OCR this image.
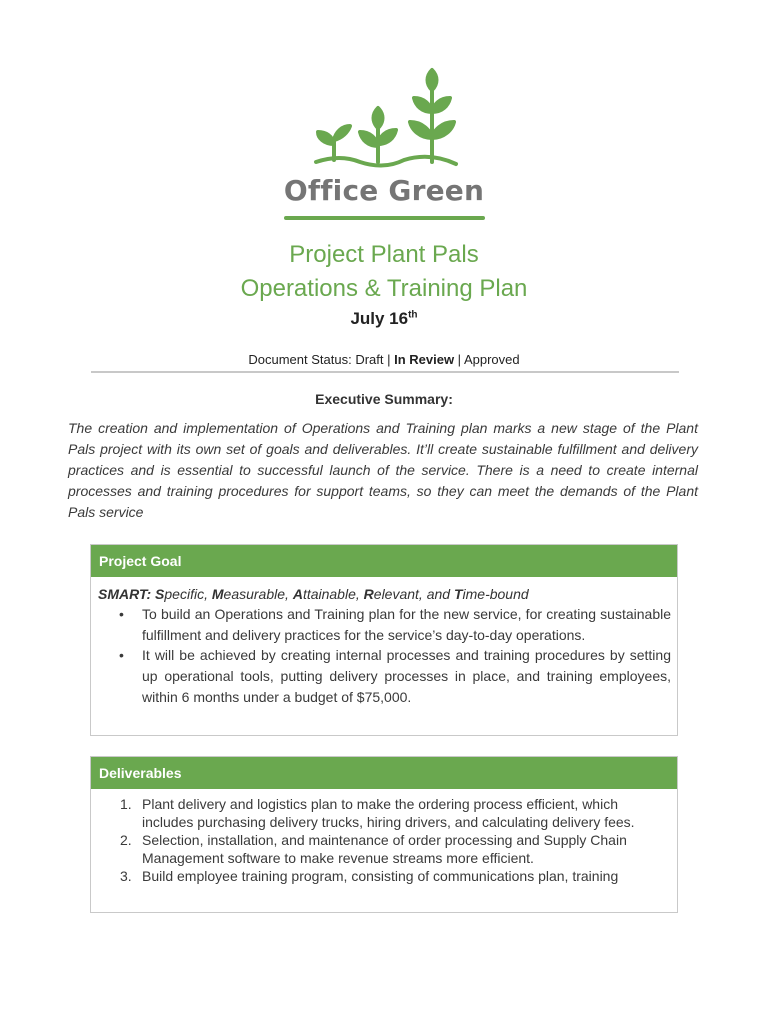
Office Green
Project Plant Pals
Operations & Training Plan
July 16th
Document Status: Draft | In Review | Approved
Executive Summary:
The creation and implementation of Operations and Training plan marks a new stage of the Plant Pals project with its own set of goals and deliverables. It’ll create sustainable fulfillment and delivery practices and is essential to successful launch of the service. There is a need to create internal processes and training procedures for support teams, so they can meet the demands of the Plant Pals service
Project Goal
SMART: Specific, Measurable, Attainable, Relevant, and Time-bound
• To build an Operations and Training plan for the new service, for creating sustainable fulfillment and delivery practices for the service’s day-to-day operations.
• It will be achieved by creating internal processes and training procedures by setting up operational tools, putting delivery processes in place, and training employees, within 6 months under a budget of $75,000.
Deliverables
1. Plant delivery and logistics plan to make the ordering process efficient, which includes purchasing delivery trucks, hiring drivers, and calculating delivery fees.
2. Selection, installation, and maintenance of order processing and Supply Chain Management software to make revenue streams more efficient.
3. Build employee training program, consisting of communications plan, training
